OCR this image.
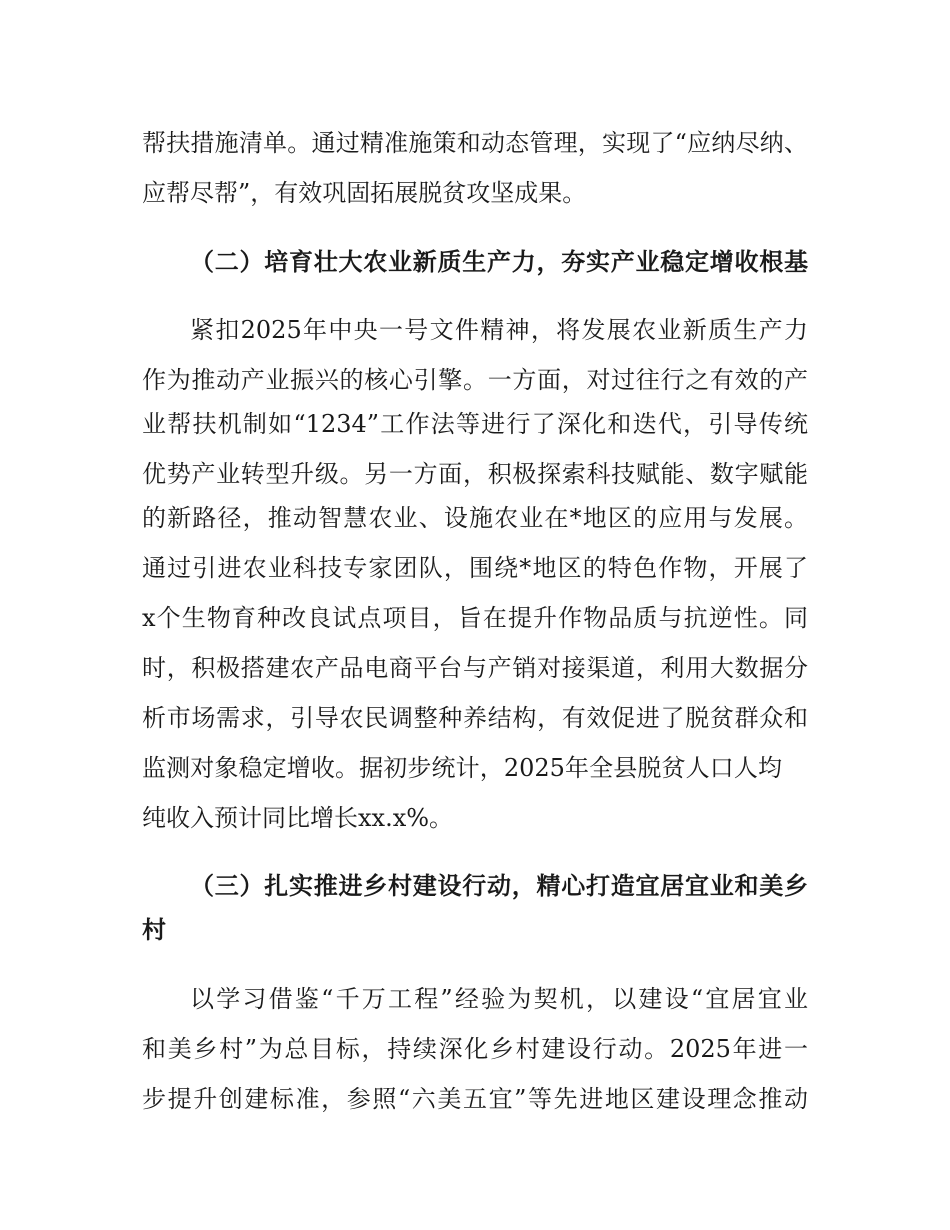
帮扶措施清单。通过精准施策和动态管理，实现了“应纳尽纳、
应帮尽帮”，有效巩固拓展脱贫攻坚成果。
（二）培育壮大农业新质生产力，夯实产业稳定增收根基
紧扣2025年中央一号文件精神，将发展农业新质生产力
作为推动产业振兴的核心引擎。一方面，对过往行之有效的产
业帮扶机制如“1234”工作法等进行了深化和迭代，引导传统
优势产业转型升级。另一方面，积极探索科技赋能、数字赋能
的新路径，推动智慧农业、设施农业在*地区的应用与发展。
通过引进农业科技专家团队，围绕*地区的特色作物，开展了
x个生物育种改良试点项目，旨在提升作物品质与抗逆性。同
时，积极搭建农产品电商平台与产销对接渠道，利用大数据分
析市场需求，引导农民调整种养结构，有效促进了脱贫群众和
监测对象稳定增收。据初步统计，2025年全县脱贫人口人均
纯收入预计同比增长xx.x%。
（三）扎实推进乡村建设行动，精心打造宜居宜业和美乡
村
以学习借鉴“千万工程”经验为契机，以建设“宜居宜业
和美乡村”为总目标，持续深化乡村建设行动。2025年进一
步提升创建标准，参照“六美五宜”等先进地区建设理念推动
